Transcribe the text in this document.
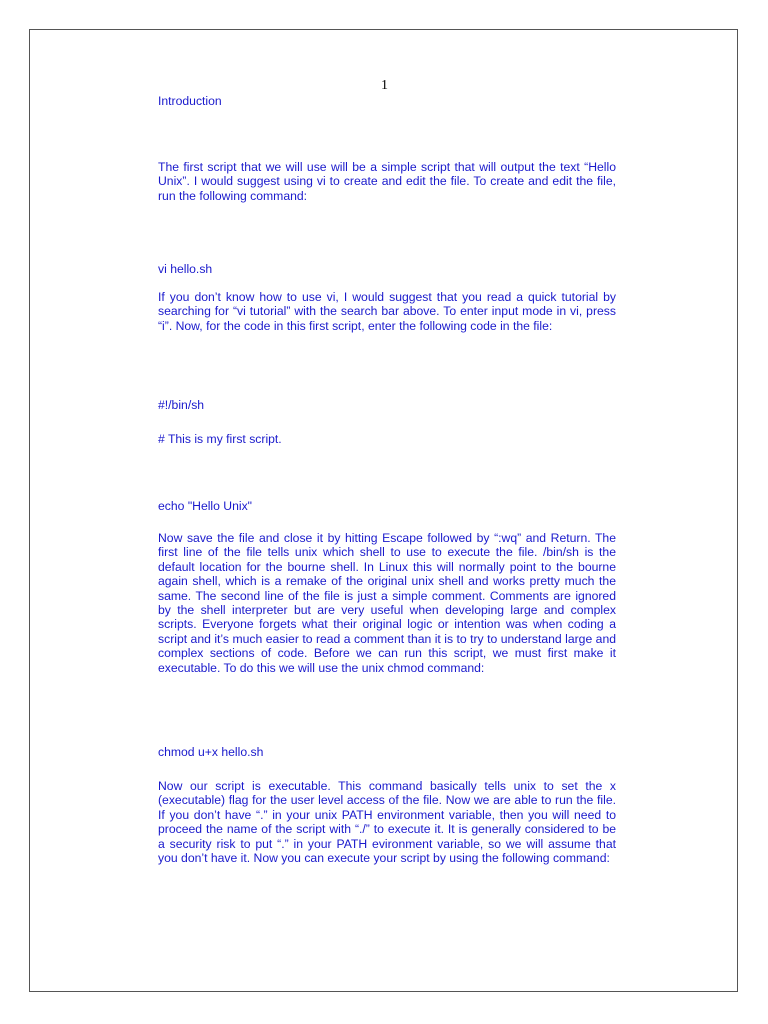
1

Introduction

The first script that we will use will be a simple script that will output the text “Hello Unix”. I would suggest using vi to create and edit the file. To create and edit the file, run the following command:

vi hello.sh

If you don’t know how to use vi, I would suggest that you read a quick tutorial by searching for “vi tutorial” with the search bar above. To enter input mode in vi, press “i”. Now, for the code in this first script, enter the following code in the file:

#!/bin/sh

# This is my first script.

echo "Hello Unix"

Now save the file and close it by hitting Escape followed by “:wq” and Return. The first line of the file tells unix which shell to use to execute the file. /bin/sh is the default location for the bourne shell. In Linux this will normally point to the bourne again shell, which is a remake of the original unix shell and works pretty much the same. The second line of the file is just a simple comment. Comments are ignored by the shell interpreter but are very useful when developing large and complex scripts. Everyone forgets what their original logic or intention was when coding a script and it’s much easier to read a comment than it is to try to understand large and complex sections of code. Before we can run this script, we must first make it executable. To do this we will use the unix chmod command:

chmod u+x hello.sh

Now our script is executable. This command basically tells unix to set the x (executable) flag for the user level access of the file. Now we are able to run the file. If you don’t have “.” in your unix PATH environment variable, then you will need to proceed the name of the script with “./” to execute it. It is generally considered to be a security risk to put “.” in your PATH evironment variable, so we will assume that you don’t have it. Now you can execute your script by using the following command:
